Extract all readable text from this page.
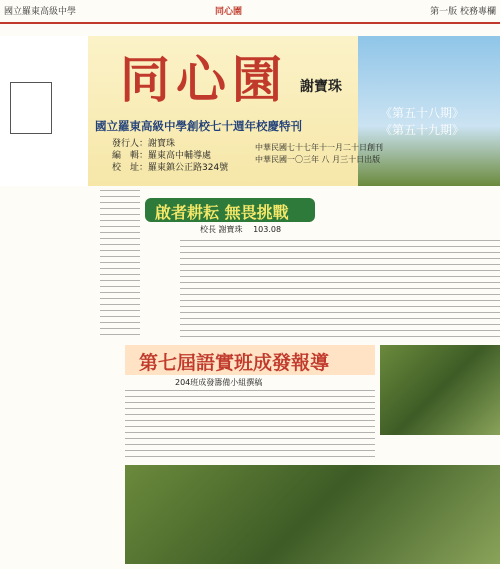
國立羅東高級中學	同心園	第一版 校務專欄
同心園 謝寶珠
國立羅東高級中學創校七十週年校慶特刊
《第五十八期》
《第五十九期》
發行人：謝寶珠
編　輯：羅東高中輔導處
校　址：羅東鎮公正路324號
中華民國七十七年十一月二十日創刊
中華民國一〇三年 八 月三十日出版
啟者耕耘 無畏挑戰
校長 謝寶珠 103.08
第七屆語實班成發報導
204班成發籌備小組撰稿
